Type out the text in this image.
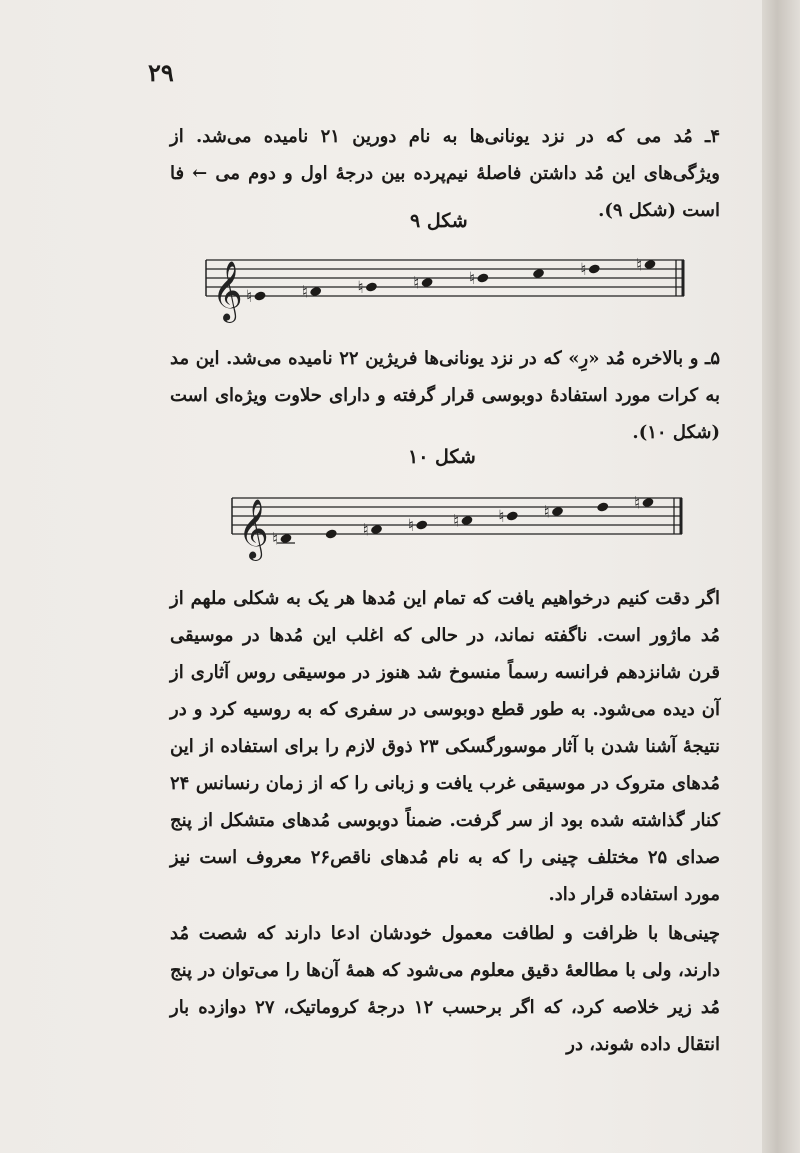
۲۹
۴ـ مُد می که در نزد یونانی‌ها به نام دورین ۲۱ نامیده می‌شد. از ویژگی‌های این مُد داشتن فاصلهٔ نیم‌پرده بین درجهٔ اول و دوم می ← فا است (شکل ۹).
شکل ۹
𝄞 ♮	♮	♮	♮	♮	♮	♮
۵ـ و بالاخره مُد «رِ» که در نزد یونانی‌ها فریژین ۲۲ نامیده می‌شد. این مد به کرات مورد استفادهٔ دوبوسی قرار گرفته و دارای حلاوت ویژه‌ای است (شکل ۱۰).
شکل ۱۰
𝄞 ♮	♮ ♮ ♮ ♮ ♮	♮
اگر دقت کنیم درخواهیم یافت که تمام این مُدها هر یک به شکلی ملهم از مُد ماژور است. ناگفته نماند، در حالی که اغلب این مُدها در موسیقی قرن شانزدهم فرانسه رسماً منسوخ شد هنوز در موسیقی روس آثاری از آن دیده می‌شود. به طور قطع دوبوسی در سفری که به روسیه کرد و در نتیجهٔ آشنا شدن با آثار موسورگسکی ۲۳ ذوق لازم را برای استفاده از این مُدهای متروک در موسیقی غرب یافت و زبانی را که از زمان رنسانس ۲۴ کنار گذاشته شده بود از سر گرفت. ضمناً دوبوسی مُدهای متشکل از پنج صدای ۲۵ مختلف چینی را که به نام مُدهای ناقص۲۶ معروف است نیز مورد استفاده قرار داد.
چینی‌ها با ظرافت و لطافت معمول خودشان ادعا دارند که شصت مُد دارند، ولی با مطالعهٔ دقیق معلوم می‌شود که همهٔ آن‌ها را می‌توان در پنج مُد زیر خلاصه کرد، که اگر برحسب ۱۲ درجهٔ کروماتیک، ۲۷ دوازده بار انتقال داده شوند، در
